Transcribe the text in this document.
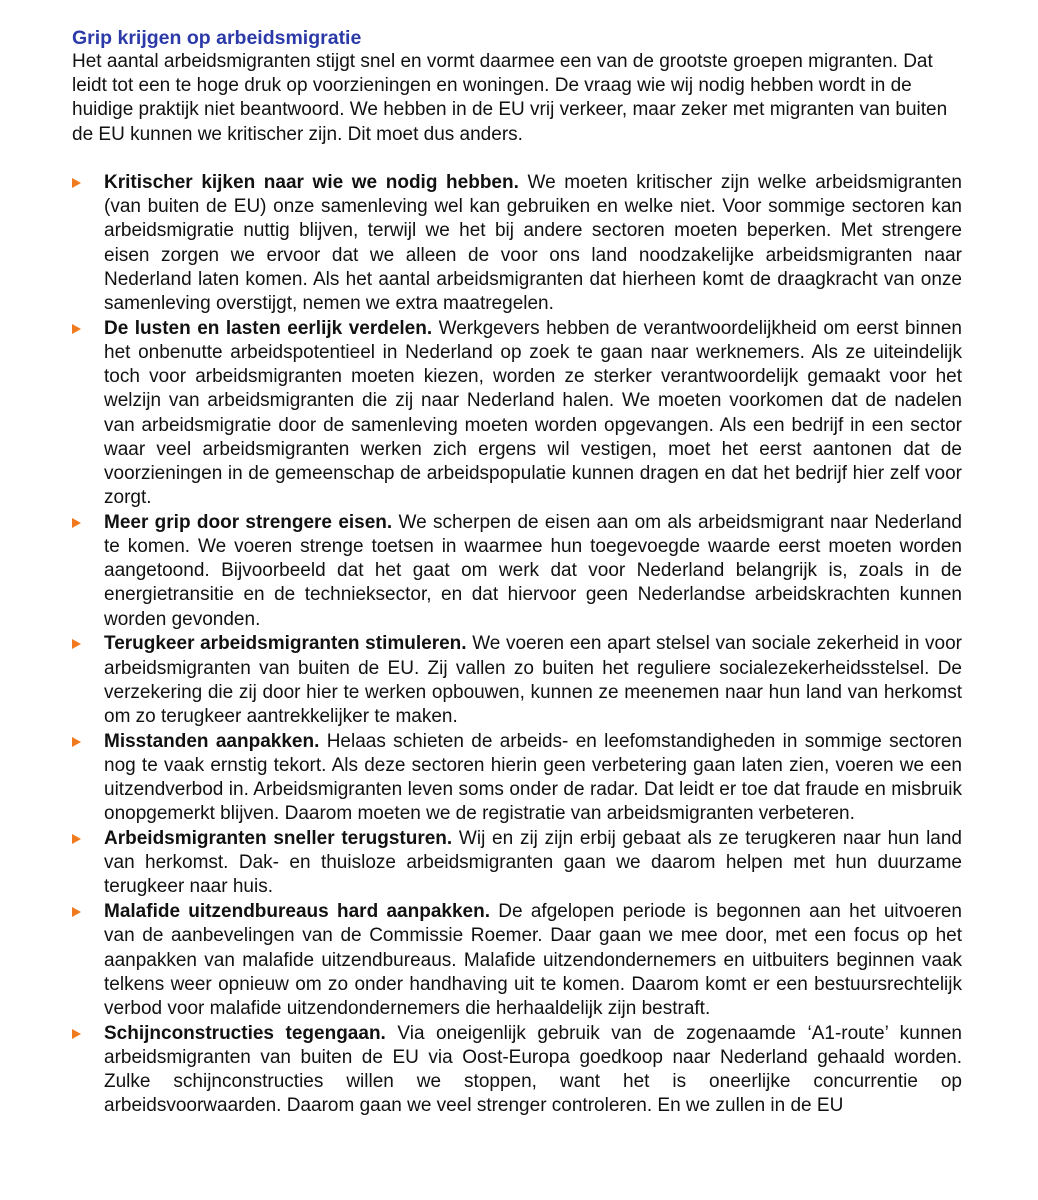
Grip krijgen op arbeidsmigratie

Het aantal arbeidsmigranten stijgt snel en vormt daarmee een van de grootste groepen migranten. Dat leidt tot een te hoge druk op voorzieningen en woningen. De vraag wie wij nodig hebben wordt in de huidige praktijk niet beantwoord. We hebben in de EU vrij verkeer, maar zeker met migranten van buiten de EU kunnen we kritischer zijn. Dit moet dus anders.

Kritischer kijken naar wie we nodig hebben. We moeten kritischer zijn welke arbeidsmigranten (van buiten de EU) onze samenleving wel kan gebruiken en welke niet. Voor sommige sectoren kan arbeidsmigratie nuttig blijven, terwijl we het bij andere sectoren moeten beperken. Met strengere eisen zorgen we ervoor dat we alleen de voor ons land noodzakelijke arbeidsmigranten naar Nederland laten komen. Als het aantal arbeidsmigranten dat hierheen komt de draagkracht van onze samenleving overstijgt, nemen we extra maatregelen.
De lusten en lasten eerlijk verdelen. Werkgevers hebben de verantwoordelijkheid om eerst binnen het onbenutte arbeidspotentieel in Nederland op zoek te gaan naar werknemers. Als ze uiteindelijk toch voor arbeidsmigranten moeten kiezen, worden ze sterker verantwoordelijk gemaakt voor het welzijn van arbeidsmigranten die zij naar Nederland halen. We moeten voorkomen dat de nadelen van arbeidsmigratie door de samenleving moeten worden opgevangen. Als een bedrijf in een sector waar veel arbeidsmigranten werken zich ergens wil vestigen, moet het eerst aantonen dat de voorzieningen in de gemeenschap de arbeidspopulatie kunnen dragen en dat het bedrijf hier zelf voor zorgt.
Meer grip door strengere eisen. We scherpen de eisen aan om als arbeidsmigrant naar Nederland te komen. We voeren strenge toetsen in waarmee hun toegevoegde waarde eerst moeten worden aangetoond. Bijvoorbeeld dat het gaat om werk dat voor Nederland belangrijk is, zoals in de energietransitie en de technieksector, en dat hiervoor geen Nederlandse arbeidskrachten kunnen worden gevonden.
Terugkeer arbeidsmigranten stimuleren. We voeren een apart stelsel van sociale zekerheid in voor arbeidsmigranten van buiten de EU. Zij vallen zo buiten het reguliere socialezekerheidsstelsel. De verzekering die zij door hier te werken opbouwen, kunnen ze meenemen naar hun land van herkomst om zo terugkeer aantrekkelijker te maken.
Misstanden aanpakken. Helaas schieten de arbeids- en leefomstandigheden in sommige sectoren nog te vaak ernstig tekort. Als deze sectoren hierin geen verbetering gaan laten zien, voeren we een uitzendverbod in. Arbeidsmigranten leven soms onder de radar. Dat leidt er toe dat fraude en misbruik onopgemerkt blijven. Daarom moeten we de registratie van arbeidsmigranten verbeteren.
Arbeidsmigranten sneller terugsturen. Wij en zij zijn erbij gebaat als ze terugkeren naar hun land van herkomst. Dak- en thuisloze arbeidsmigranten gaan we daarom helpen met hun duurzame terugkeer naar huis.
Malafide uitzendbureaus hard aanpakken. De afgelopen periode is begonnen aan het uitvoeren van de aanbevelingen van de Commissie Roemer. Daar gaan we mee door, met een focus op het aanpakken van malafide uitzendbureaus. Malafide uitzendondernemers en uitbuiters beginnen vaak telkens weer opnieuw om zo onder handhaving uit te komen. Daarom komt er een bestuursrechtelijk verbod voor malafide uitzendondernemers die herhaaldelijk zijn bestraft.
Schijnconstructies tegengaan. Via oneigenlijk gebruik van de zogenaamde ‘A1-route’ kunnen arbeidsmigranten van buiten de EU via Oost-Europa goedkoop naar Nederland gehaald worden. Zulke schijnconstructies willen we stoppen, want het is oneerlijke concurrentie op arbeidsvoorwaarden. Daarom gaan we veel strenger controleren. En we zullen in de EU
